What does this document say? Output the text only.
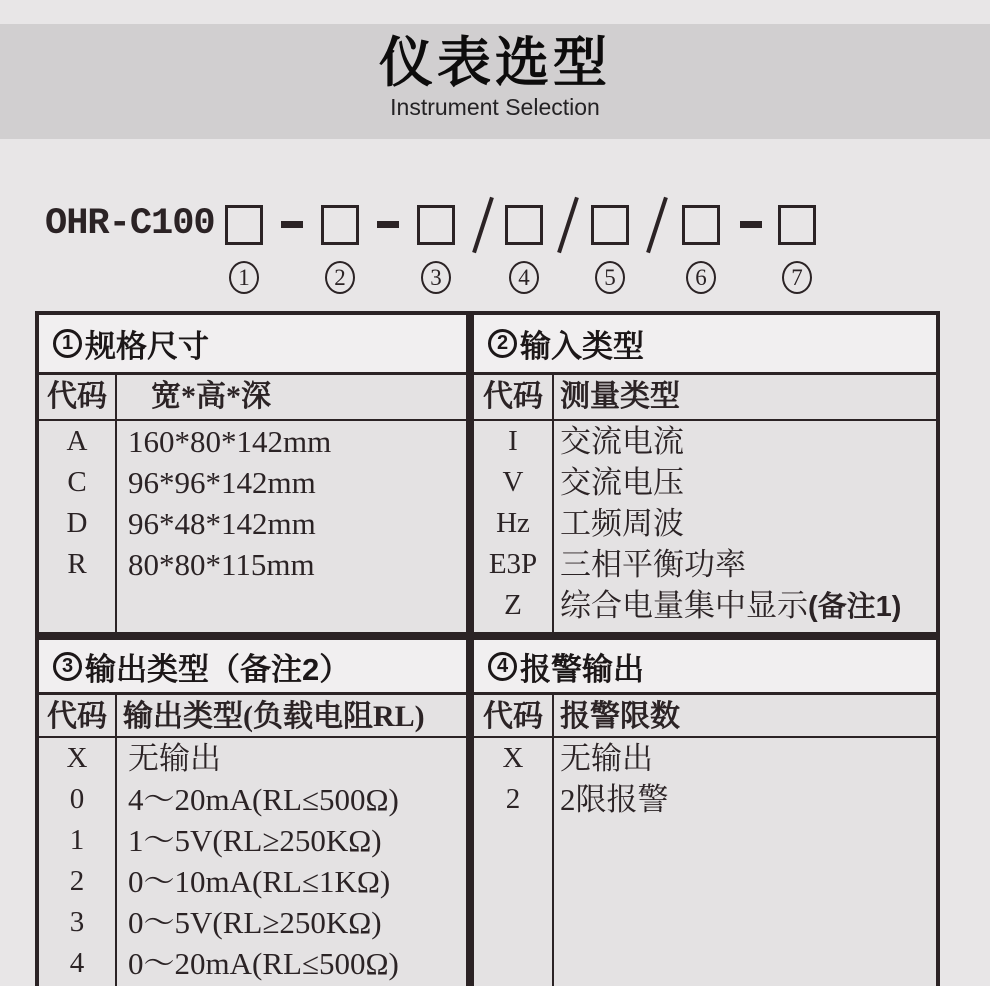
仪表选型
Instrument Selection
OHR-C100
1	2	3	4	5	6	7
1 规格尺寸
代码	宽*高*深
A	160*80*142mm
C	96*96*142mm
D	96*48*142mm
R	80*80*115mm
2 输入类型
代码 测量类型
I	交流电流
V	交流电压
Hz 工频周波
E3P 三相平衡功率
Z	综合电量集中显示(备注1)
3 输出类型 （备注2）
代码 输出类型(负载电阻RL)
X	无输出
0	4～20mA(RL≤500Ω)
1	1～5V(RL≥250KΩ)
2	0～10mA(RL≤1KΩ)
3	0～5V(RL≥250KΩ)
4	0～20mA(RL≤500Ω)
4 报警输出
代码 报警限数
X	无输出
2	2限报警
